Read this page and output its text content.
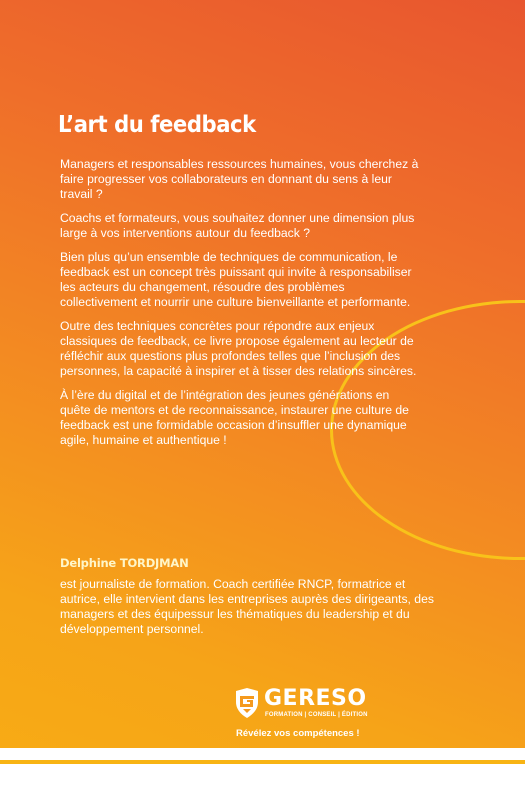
L’art du feedback

Managers et responsables ressources humaines, vous cherchez à faire progresser vos collaborateurs en donnant du sens à leur travail ?

Coachs et formateurs, vous souhaitez donner une dimension plus large à vos interventions autour du feedback ?

Bien plus qu’un ensemble de techniques de communication, le feedback est un concept très puissant qui invite à responsabiliser les acteurs du changement, résoudre des problèmes collectivement et nourrir une culture bienveillante et performante.

Outre des techniques concrètes pour répondre aux enjeux classiques de feedback, ce livre propose également au lecteur de réfléchir aux questions plus profondes telles que l’inclusion des personnes, la capacité à inspirer et à tisser des relations sincères.

À l’ère du digital et de l’intégration des jeunes générations en quête de mentors et de reconnaissance, instaurer une culture de feedback est une formidable occasion d’insuffler une dynamique agile, humaine et authentique !

Delphine TORDJMAN

est journaliste de formation. Coach certifiée RNCP, formatrice et autrice, elle intervient dans les entreprises auprès des dirigeants, des managers et des équipessur les thématiques du leadership et du développement personnel.

GERESO
FORMATION | CONSEIL | ÉDITION
Révélez vos compétences !
